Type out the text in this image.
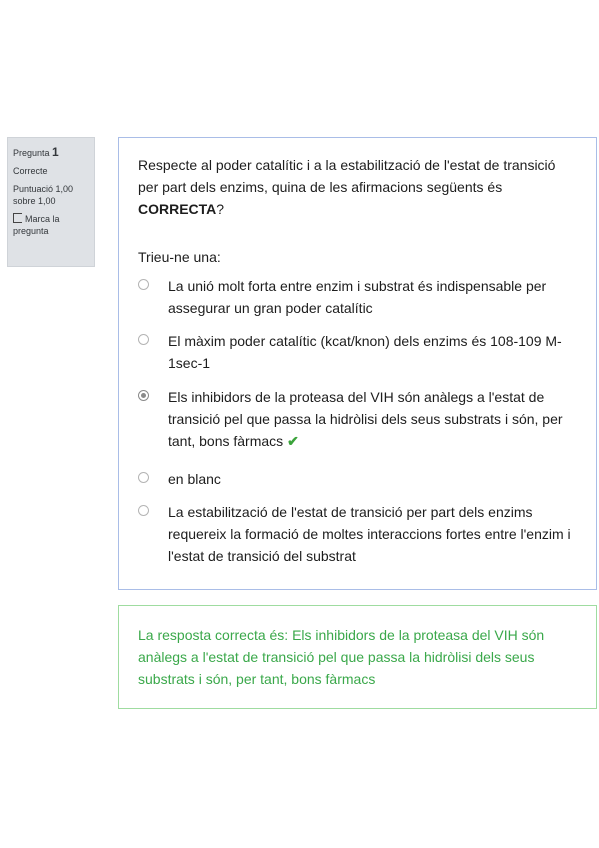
Pregunta 1
Correcte
Puntuació 1,00
sobre 1,00
Marca la pregunta
Respecte al poder catalític i a la estabilització de l'estat de transició per part dels enzims, quina de les afirmacions següents és CORRECTA?
Trieu-ne una:
La unió molt forta entre enzim i substrat és indispensable per assegurar un gran poder catalític
El màxim poder catalític (kcat/knon) dels enzims és 108-109 M-1sec-1
Els inhibidors de la proteasa del VIH són anàlegs a l'estat de transició pel que passa la hidròlisi dels seus substrats i són, per tant, bons fàrmacs ✔
en blanc
La estabilització de l'estat de transició per part dels enzims requereix la formació de moltes interaccions fortes entre l'enzim i l'estat de transició del substrat
La resposta correcta és: Els inhibidors de la proteasa del VIH són anàlegs a l'estat de transició pel que passa la hidròlisi dels seus substrats i són, per tant, bons fàrmacs
